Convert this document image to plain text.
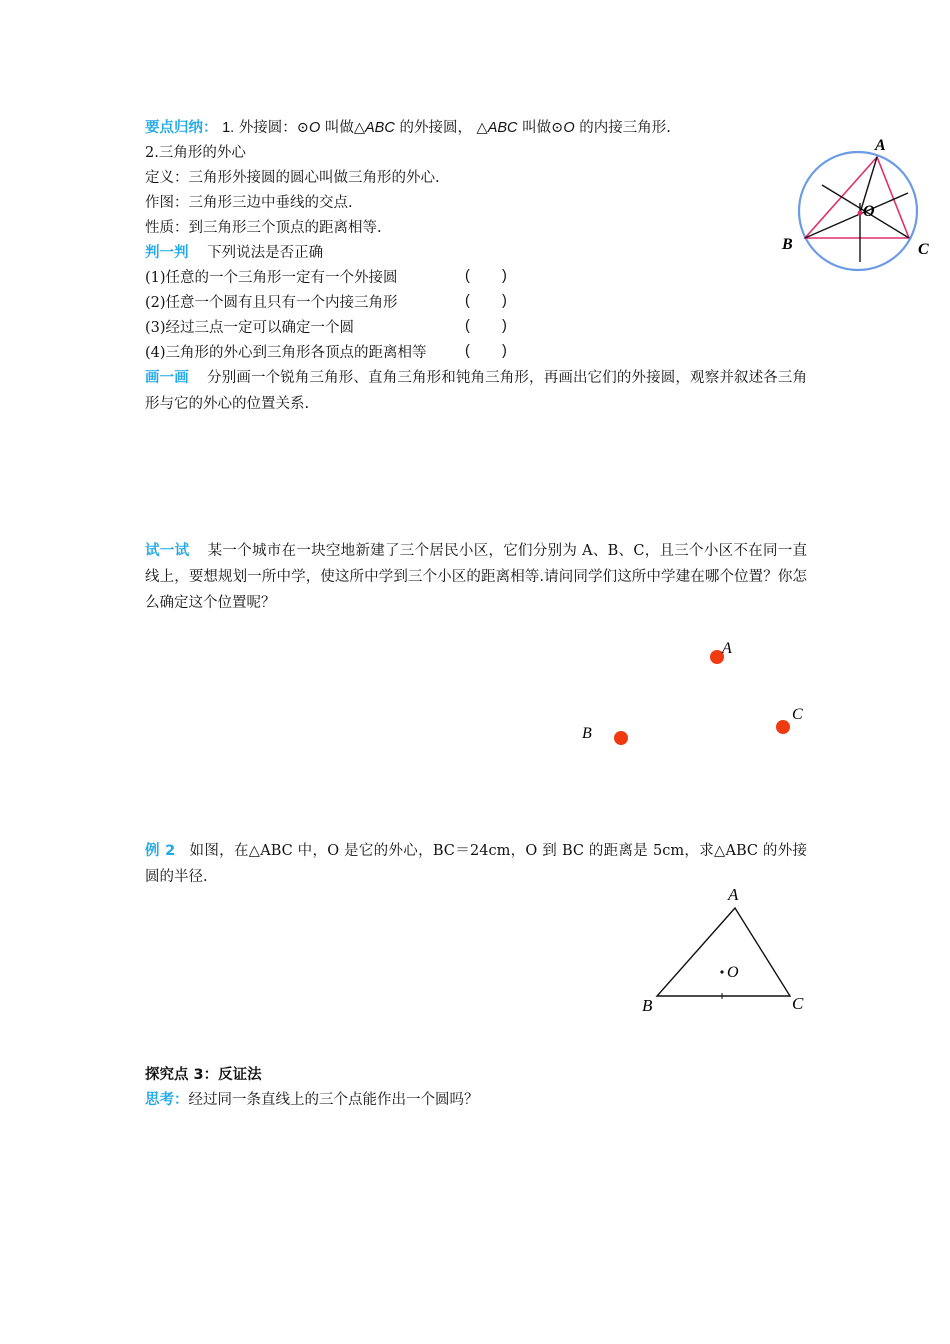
要点归纳： 1. 外接圆：⊙O 叫做△ABC 的外接圆， △ABC 叫做⊙O 的内接三角形.
2.三角形的外心
定义：三角形外接圆的圆心叫做三角形的外心.
作图：三角形三边中垂线的交点.
性质：到三角形三个顶点的距离相等.
A
B	C
O
判一判 下列说法是否正确
(1)任意的一个三角形一定有一个外接圆	( )
(2)任意一个圆有且只有一个内接三角形	( )
(3)经过三点一定可以确定一个圆	( )
(4)三角形的外心到三角形各顶点的距离相等	( )
画一画 分别画一个锐角三角形、直角三角形和钝角三角形，再画出它们的外接圆，观察并叙述各三角形与它的外心的位置关系.
试一试 某一个城市在一块空地新建了三个居民小区，它们分别为 A、B、C，且三个小区不在同一直线上，要想规划一所中学，使这所中学到三个小区的距离相等.请问同学们这所中学建在哪个位置？你怎么确定这个位置呢？
A
B
C
例 2 如图，在△ABC 中，O 是它的外心，BC＝24cm，O 到 BC 的距离是 5cm，求△ABC 的外接圆的半径.
A
B	C
O
探究点 3：反证法
思考：经过同一条直线上的三个点能作出一个圆吗？
